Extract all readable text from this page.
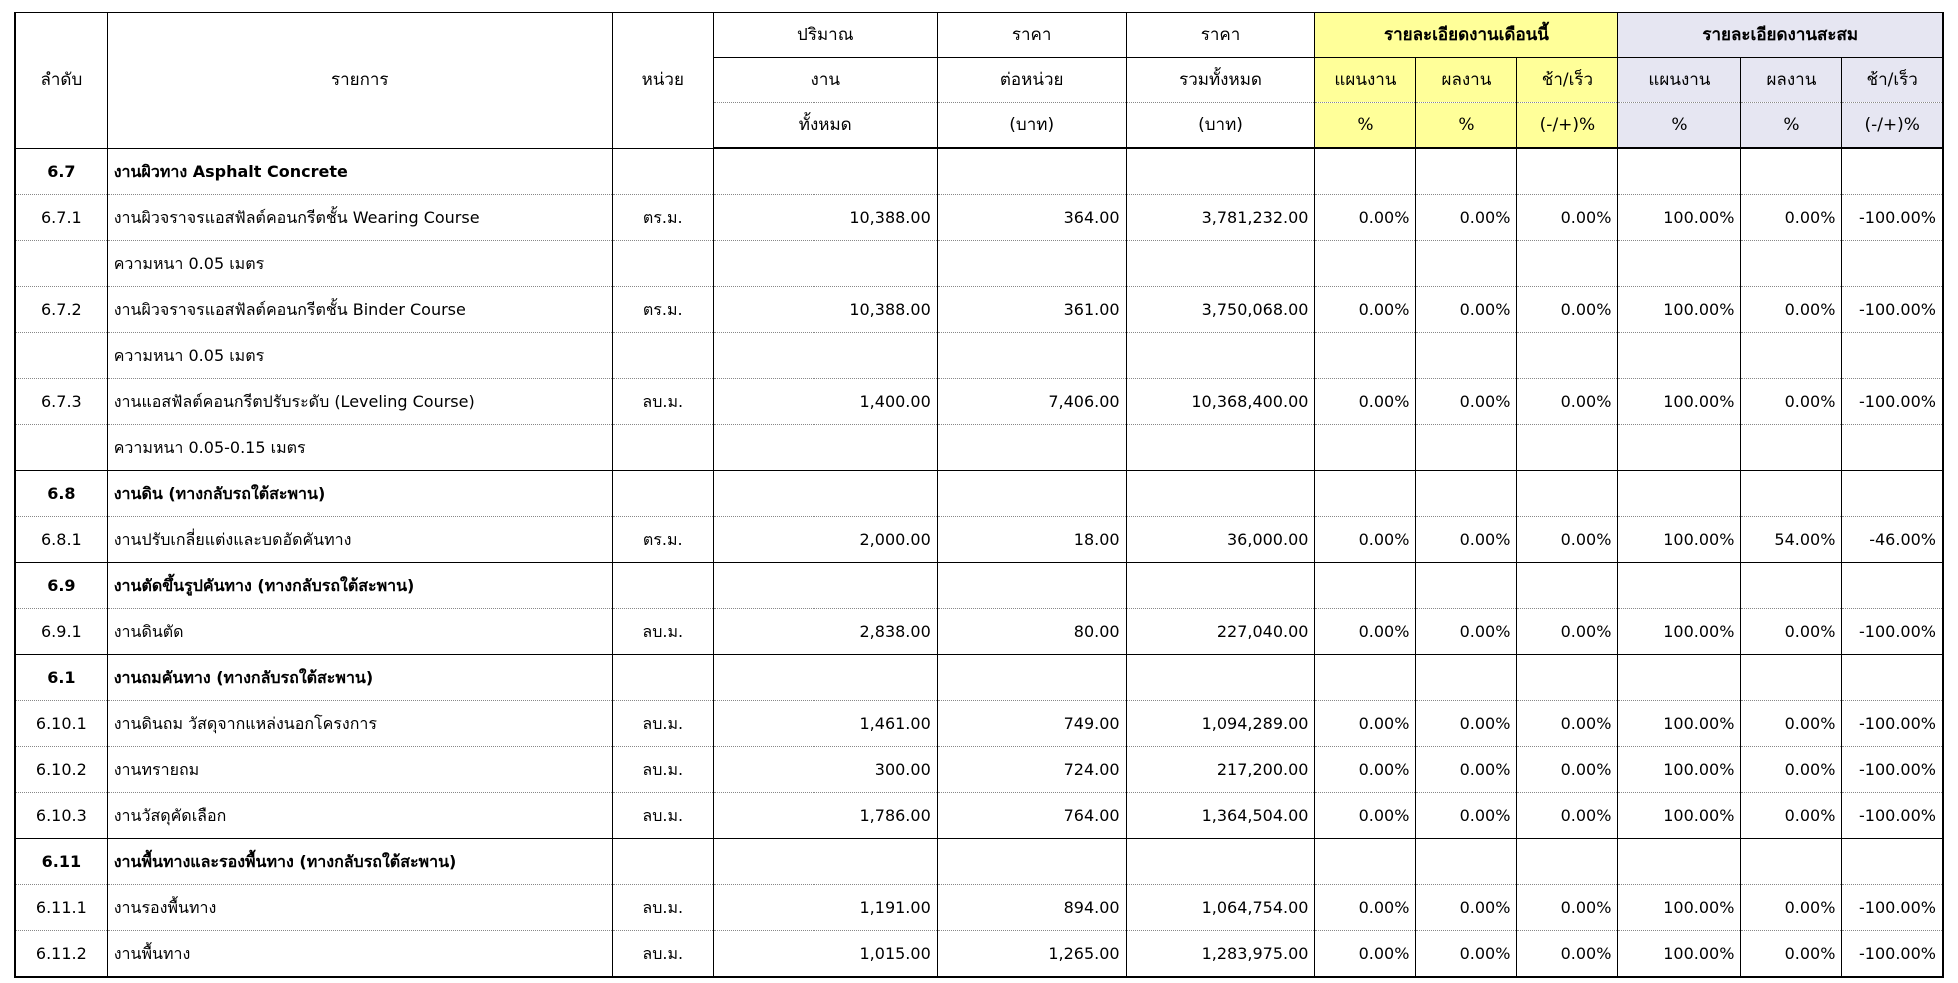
ลำดับ	รายการ	หน่วย	ปริมาณ	ราคา	ราคา	รายละเอียดงานเดือนนี้			รายละเอียดงานสะสม		
			งาน	ต่อหน่วย	รวมทั้งหมด	แผนงาน	ผลงาน	ช้า/เร็ว	แผนงาน	ผลงาน	ช้า/เร็ว
			ทั้งหมด	(บาท)	(บาท)	%	%	(-/+)%	%	%	(-/+)%
6.7	งานผิวทาง Asphalt Concrete										
6.7.1	งานผิวจราจรแอสฟัลต์คอนกรีตชั้น Wearing Course	ตร.ม.	10,388.00	364.00	3,781,232.00	0.00%	0.00%	0.00%	100.00%	0.00%	-100.00%
	ความหนา 0.05 เมตร										
6.7.2	งานผิวจราจรแอสฟัลต์คอนกรีตชั้น Binder Course	ตร.ม.	10,388.00	361.00	3,750,068.00	0.00%	0.00%	0.00%	100.00%	0.00%	-100.00%
	ความหนา 0.05 เมตร										
6.7.3	งานแอสฟัลต์คอนกรีตปรับระดับ (Leveling Course)	ลบ.ม.	1,400.00	7,406.00	10,368,400.00	0.00%	0.00%	0.00%	100.00%	0.00%	-100.00%
	ความหนา 0.05-0.15 เมตร										
6.8	งานดิน (ทางกลับรถใต้สะพาน)										
6.8.1	งานปรับเกลี่ยแต่งและบดอัดคันทาง	ตร.ม.	2,000.00	18.00	36,000.00	0.00%	0.00%	0.00%	100.00%	54.00%	-46.00%
6.9	งานตัดขึ้นรูปคันทาง (ทางกลับรถใต้สะพาน)										
6.9.1	งานดินตัด	ลบ.ม.	2,838.00	80.00	227,040.00	0.00%	0.00%	0.00%	100.00%	0.00%	-100.00%
6.1	งานถมคันทาง (ทางกลับรถใต้สะพาน)										
6.10.1	งานดินถม วัสดุจากแหล่งนอกโครงการ	ลบ.ม.	1,461.00	749.00	1,094,289.00	0.00%	0.00%	0.00%	100.00%	0.00%	-100.00%
6.10.2	งานทรายถม	ลบ.ม.	300.00	724.00	217,200.00	0.00%	0.00%	0.00%	100.00%	0.00%	-100.00%
6.10.3	งานวัสดุคัดเลือก	ลบ.ม.	1,786.00	764.00	1,364,504.00	0.00%	0.00%	0.00%	100.00%	0.00%	-100.00%
6.11	งานพื้นทางและรองพื้นทาง (ทางกลับรถใต้สะพาน)										
6.11.1	งานรองพื้นทาง	ลบ.ม.	1,191.00	894.00	1,064,754.00	0.00%	0.00%	0.00%	100.00%	0.00%	-100.00%
6.11.2	งานพื้นทาง	ลบ.ม.	1,015.00	1,265.00	1,283,975.00	0.00%	0.00%	0.00%	100.00%	0.00%	-100.00%
